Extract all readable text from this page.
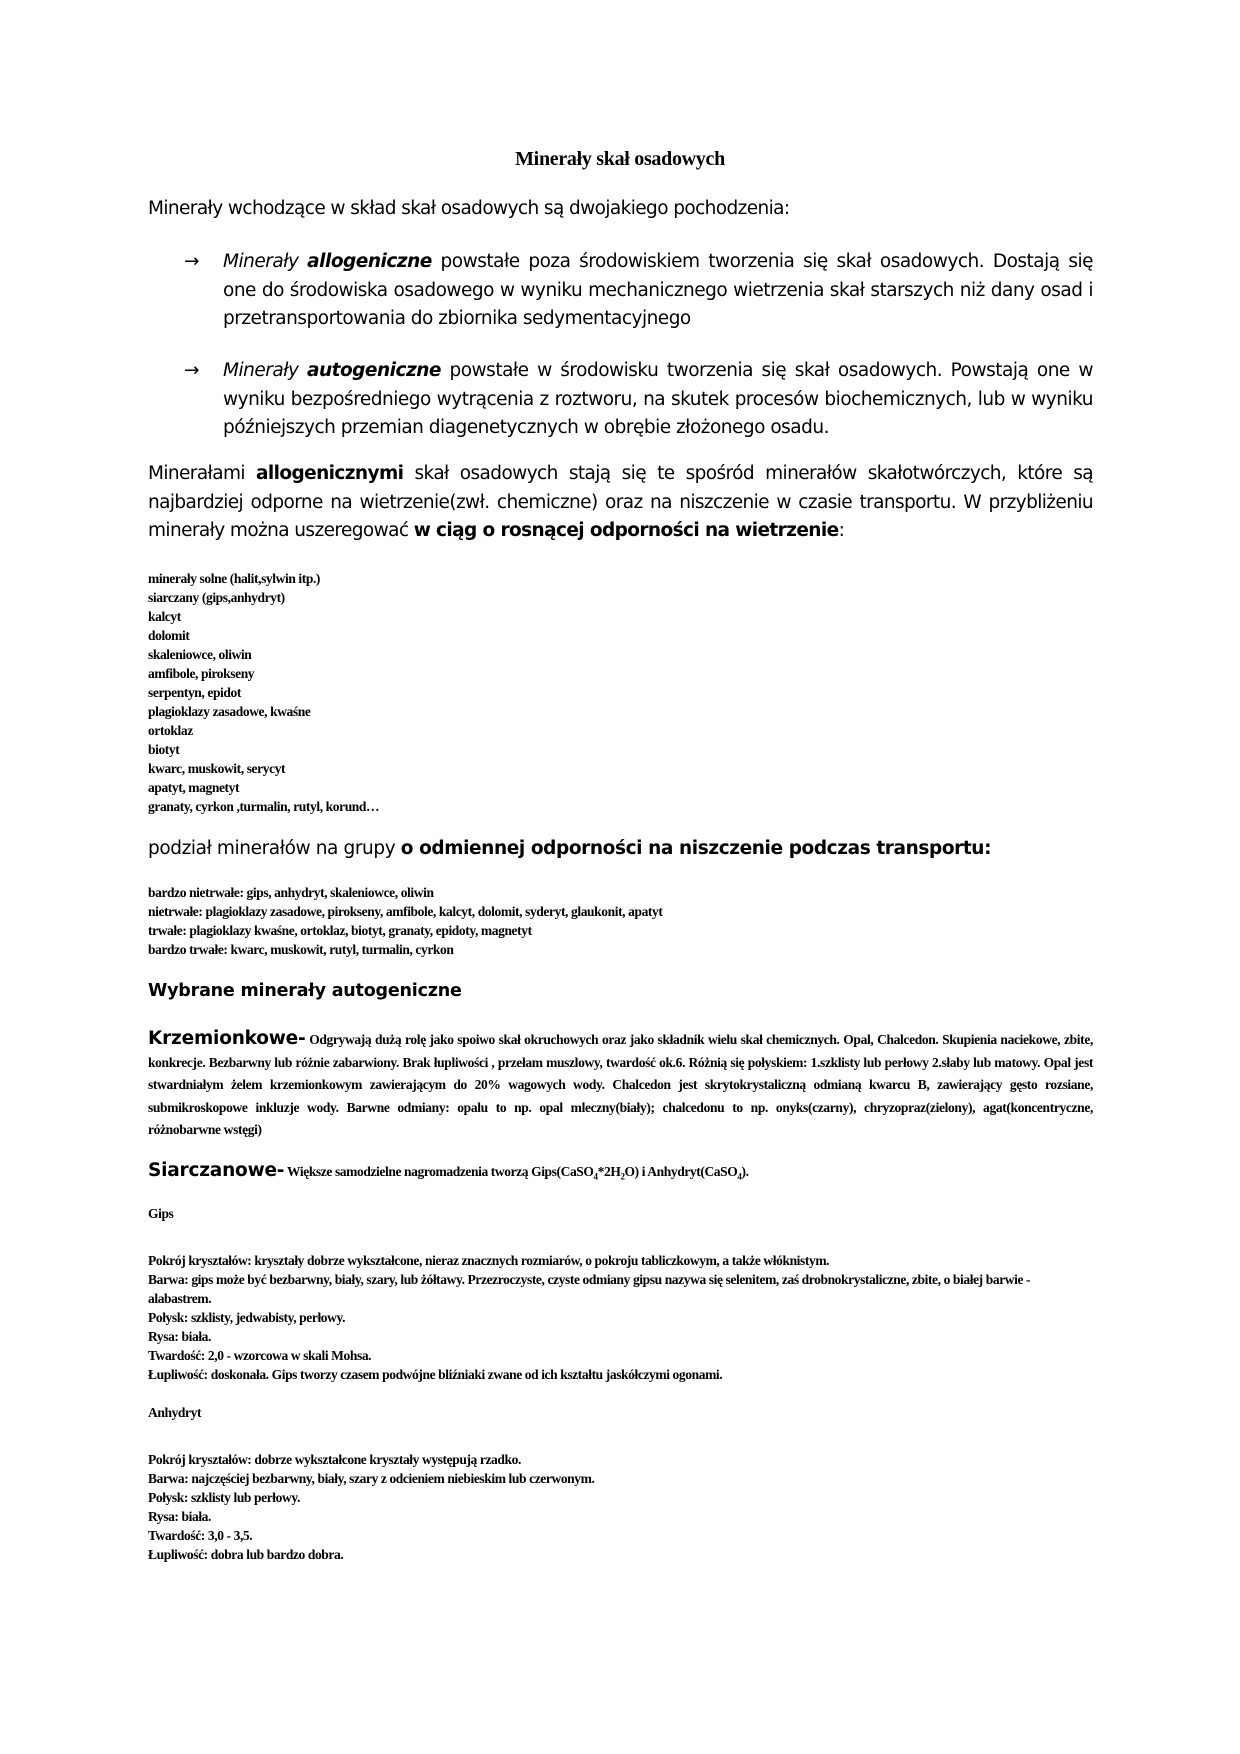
Minerały skał osadowych
Minerały wchodzące w skład skał osadowych są dwojakiego pochodzenia:
→ Minerały allogeniczne powstałe poza środowiskiem tworzenia się skał osadowych. Dostają się one do środowiska osadowego w wyniku mechanicznego wietrzenia skał starszych niż dany osad i przetransportowania do zbiornika sedymentacyjnego
→ Minerały autogeniczne powstałe w środowisku tworzenia się skał osadowych. Powstają one w wyniku bezpośredniego wytrącenia z roztworu, na skutek procesów biochemicznych, lub w wyniku późniejszych przemian diagenetycznych w obrębie złożonego osadu.
Minerałami allogenicznymi skał osadowych stają się te spośród minerałów skałotwórczych, które są najbardziej odporne na wietrzenie(zwł. chemiczne) oraz na niszczenie w czasie transportu. W przybliżeniu minerały można uszeregować w ciąg o rosnącej odporności na wietrzenie:
minerały solne (halit,sylwin itp.)
siarczany (gips,anhydryt)
kalcyt
dolomit
skaleniowce, oliwin
amfibole, pirokseny
serpentyn, epidot
plagioklazy zasadowe, kwaśne
ortoklaz
biotyt
kwarc, muskowit, serycyt
apatyt, magnetyt
granaty, cyrkon ,turmalin, rutyl, korund…
podział minerałów na grupy o odmiennej odporności na niszczenie podczas transportu:
bardzo nietrwałe: gips, anhydryt, skaleniowce, oliwin
nietrwałe: plagioklazy zasadowe, pirokseny, amfibole, kalcyt, dolomit, syderyt, glaukonit, apatyt
trwałe: plagioklazy kwaśne, ortoklaz, biotyt, granaty, epidoty, magnetyt
bardzo trwałe: kwarc, muskowit, rutyl, turmalin, cyrkon
Wybrane minerały autogeniczne
Krzemionkowe- Odgrywają dużą rolę jako spoiwo skał okruchowych oraz jako składnik wielu skał chemicznych. Opal, Chalcedon. Skupienia naciekowe, zbite, konkrecje. Bezbarwny lub różnie zabarwiony. Brak łupliwości , przełam muszlowy, twardość ok.6. Różnią się połyskiem: 1.szklisty lub perłowy 2.słaby lub matowy. Opal jest stwardniałym żelem krzemionkowym zawierającym do 20% wagowych wody. Chalcedon jest skrytokrystaliczną odmianą kwarcu B, zawierający gęsto rozsiane, submikroskopowe inkluzje wody. Barwne odmiany: opalu to np. opal mleczny(biały); chalcedonu to np. onyks(czarny), chryzopraz(zielony), agat(koncentryczne, różnobarwne wstęgi)
Siarczanowe- Większe samodzielne nagromadzenia tworzą $Gips(CaSO_4*2H_2O)$ i Anhydryt(CaSO$_4$).
Gips
Pokrój kryształów: kryształy dobrze wykształcone, nieraz znacznych rozmiarów, o pokroju tabliczkowym, a także włóknistym.
Barwa: gips może być bezbarwny, biały, szary, lub żółtawy. Przezroczyste, czyste odmiany gipsu nazywa się selenitem, zaś drobnokrystaliczne, zbite, o białej barwie - alabastrem.
Połysk: szklisty, jedwabisty, perłowy.
Rysa: biała.
Twardość: 2,0 - wzorcowa w skali Mohsa.
Łupliwość: doskonała. Gips tworzy czasem podwójne bliźniaki zwane od ich kształtu jaskółczymi ogonami.
Anhydryt
Pokrój kryształów: dobrze wykształcone kryształy występują rzadko.
Barwa: najczęściej bezbarwny, biały, szary z odcieniem niebieskim lub czerwonym.
Połysk: szklisty lub perłowy.
Rysa: biała.
Twardość: 3,0 - 3,5.
Łupliwość: dobra lub bardzo dobra.
